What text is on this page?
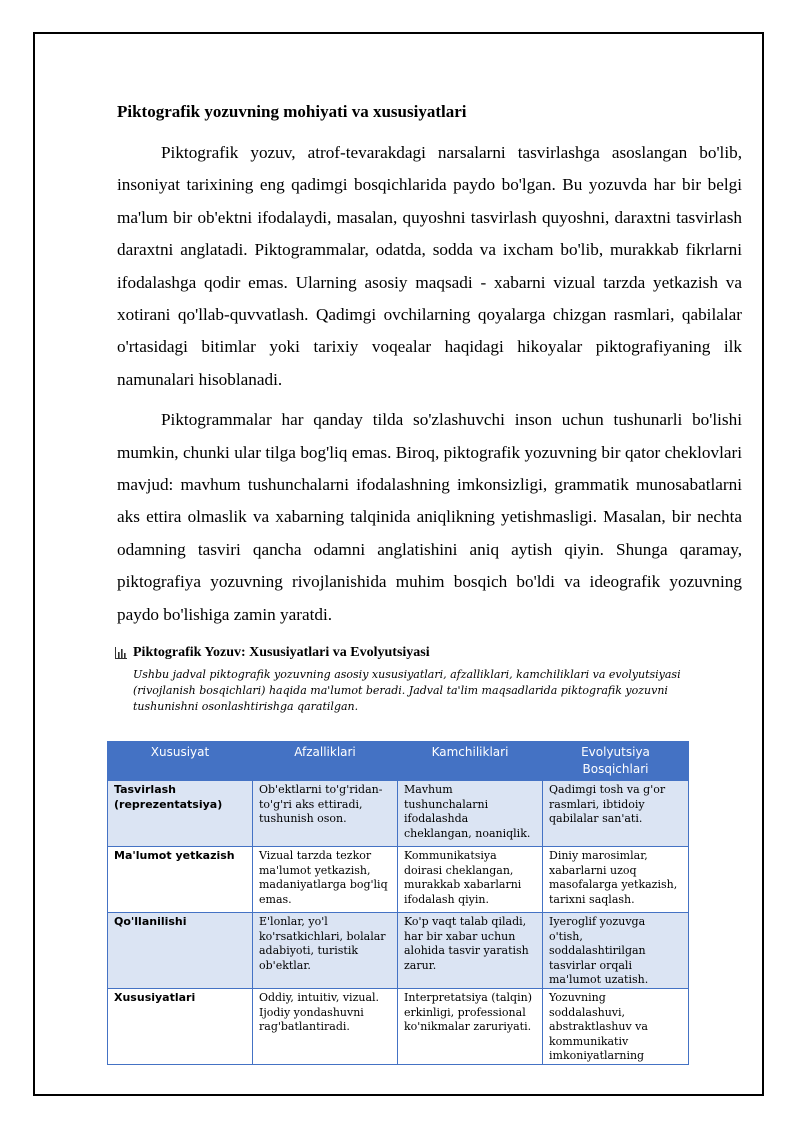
Piktografik yozuvning mohiyati va xususiyatlari

Piktografik yozuv, atrof-tevarakdagi narsalarni tasvirlashga asoslangan bo'lib, insoniyat tarixining eng qadimgi bosqichlarida paydo bo'lgan. Bu yozuvda har bir belgi ma'lum bir ob'ektni ifodalaydi, masalan, quyoshni tasvirlash quyoshni, daraxtni tasvirlash daraxtni anglatadi. Piktogrammalar, odatda, sodda va ixcham bo'lib, murakkab fikrlarni ifodalashga qodir emas. Ularning asosiy maqsadi - xabarni vizual tarzda yetkazish va xotirani qo'llab-quvvatlash. Qadimgi ovchilarning qoyalarga chizgan rasmlari, qabilalar o'rtasidagi bitimlar yoki tarixiy voqealar haqidagi hikoyalar piktografiyaning ilk namunalari hisoblanadi.

Piktogrammalar har qanday tilda so'zlashuvchi inson uchun tushunarli bo'lishi mumkin, chunki ular tilga bog'liq emas. Biroq, piktografik yozuvning bir qator cheklovlari mavjud: mavhum tushunchalarni ifodalashning imkonsizligi, grammatik munosabatlarni aks ettira olmaslik va xabarning talqinida aniqlikning yetishmasligi. Masalan, bir nechta odamning tasviri qancha odamni anglatishini aniq aytish qiyin. Shunga qaramay, piktografiya yozuvning rivojlanishida muhim bosqich bo'ldi va ideografik yozuvning paydo bo'lishiga zamin yaratdi.

Piktografik Yozuv: Xususiyatlari va Evolyutsiyasi
Ushbu jadval piktografik yozuvning asosiy xususiyatlari, afzalliklari, kamchiliklari va evolyutsiyasi (rivojlanish bosqichlari) haqida ma'lumot beradi. Jadval ta'lim maqsadlarida piktografik yozuvni tushunishni osonlashtirishga qaratilgan.
Xususiyat	Afzalliklari	Kamchiliklari	Evolyutsiya Bosqichlari
Tasvirlash (reprezentatsiya)	Ob'ektlarni to'g'ridan-to'g'ri aks ettiradi, tushunish oson.	Mavhum tushunchalarni ifodalashda cheklangan, noaniqlik.	Qadimgi tosh va g'or rasmlari, ibtidoiy qabilalar san'ati.
Ma'lumot yetkazish	Vizual tarzda tezkor ma'lumot yetkazish, madaniyatlarga bog'liq emas.	Kommunikatsiya doirasi cheklangan, murakkab xabarlarni ifodalash qiyin.	Diniy marosimlar, xabarlarni uzoq masofalarga yetkazish, tarixni saqlash.
Qo'llanilishi	E'lonlar, yo'l ko'rsatkichlari, bolalar adabiyoti, turistik ob'ektlar.	Ko'p vaqt talab qiladi, har bir xabar uchun alohida tasvir yaratish zarur.	Iyeroglif yozuvga o'tish, soddalashtirilgan tasvirlar orqali ma'lumot uzatish.
Xususiyatlari	Oddiy, intuitiv, vizual. Ijodiy yondashuvni rag'batlantiradi.	Interpretatsiya (talqin) erkinligi, professional ko'nikmalar zaruriyati.	Yozuvning soddalashuvi, abstraktlashuv va kommunikativ imkoniyatlarning
